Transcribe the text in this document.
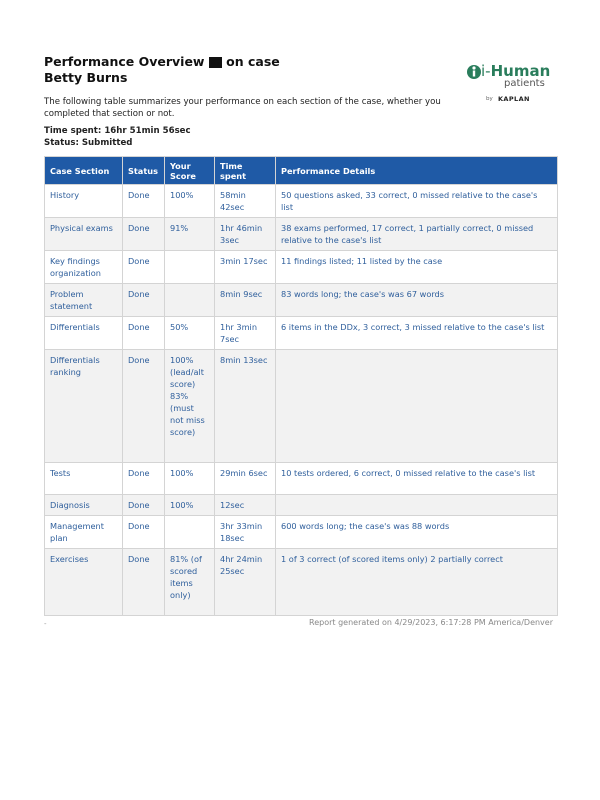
Performance Overview of on case
Betty Burns	i-Human
patients
by KAPLAN
The following table summarizes your performance on each section of the case, whether you completed that section or not.
Time spent: 16hr 51min 56sec
Status: Submitted
Case Section	Status	Your Score	Time spent	Performance Details
History	Done	100%	58min 42sec	50 questions asked, 33 correct, 0 missed relative to the case's list
Physical exams	Done	91%	1hr 46min 3sec	38 exams performed, 17 correct, 1 partially correct, 0 missed relative to the case's list
Key findings organization	Done		3min 17sec	11 findings listed; 11 listed by the case
Problem statement	Done		8min 9sec	83 words long; the case's was 67 words
Differentials	Done	50%	1hr 3min 7sec	6 items in the DDx, 3 correct, 3 missed relative to the case's list
Differentials ranking	Done	100% (lead/alt score) 83% (must not miss score)	8min 13sec	
Tests	Done	100%	29min 6sec	10 tests ordered, 6 correct, 0 missed relative to the case's list
Diagnosis	Done	100%	12sec	
Management plan	Done		3hr 33min 18sec	600 words long; the case's was 88 words
Exercises	Done	81% (of scored items only)	4hr 24min 25sec	1 of 3 correct (of scored items only) 2 partially correct
-	Report generated on 4/29/2023, 6:17:28 PM America/Denver
